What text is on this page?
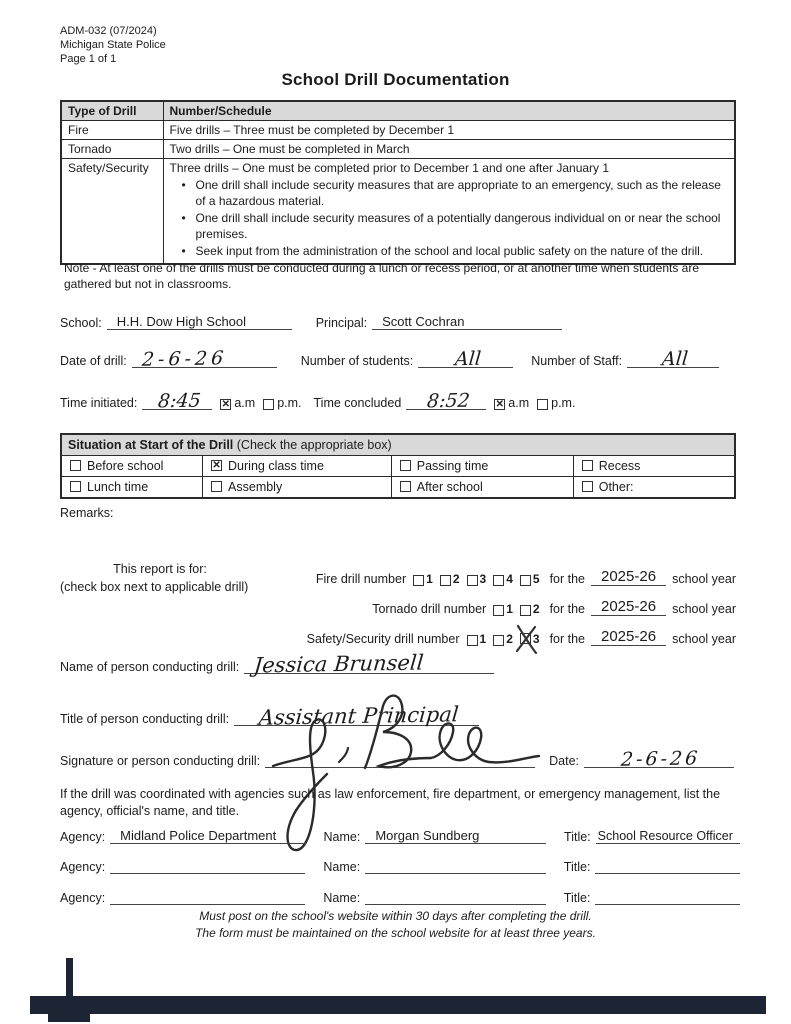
ADM-032 (07/2024)
Michigan State Police
Page 1 of 1
School Drill Documentation
Type of Drill	Number/Schedule
Fire	Five drills – Three must be completed by December 1
Tornado	Two drills – One must be completed in March
Safety/Security	Three drills – One must be completed prior to December 1 and one after January 1
• One drill shall include security measures that are appropriate to an emergency, such as the release of a hazardous material.
• One drill shall include security measures of a potentially dangerous individual on or near the school premises.
• Seek input from the administration of the school and local public safety on the nature of the drill.
Note - At least one of the drills must be conducted during a lunch or recess period, or at another time when students are gathered but not in classrooms.
School:	H.H. Dow High School	Principal:	Scott Cochran
Date of drill: 2-6-26	Number of students:	All	Number of Staff:	All
Time initiated:	8:45 ✕	a.m p.m. Time concluded	8:52 ✕	a.m p.m.
Situation at Start of the Drill (Check the appropriate box)			
Before school	✕During class time	Passing time	Recess
Lunch time	Assembly	After school	Other:
Remarks:
This report is for:
(check box next to applicable drill)
Fire drill number 1 2 3 4 5 for the	2025-26	school year
Tornado drill number 1 2 for the	2025-26	school year
Safety/Security drill number 1 2 3 for the	2025-26	school year
Name of person conducting drill: Jessica Brunsell
Title of person conducting drill:	Assistant Principal
Signature or person conducting drill:	Date:	2-6-26
If the drill was coordinated with agencies such as law enforcement, fire department, or emergency management, list the agency, official's name, and title.
Agency:	Midland Police Department	Name:	Morgan Sundberg	Title: School Resource Officer
Agency:	Name:	Title:
Agency:	Name:	Title:
Must post on the school's website within 30 days after completing the drill.
The form must be maintained on the school website for at least three years.
